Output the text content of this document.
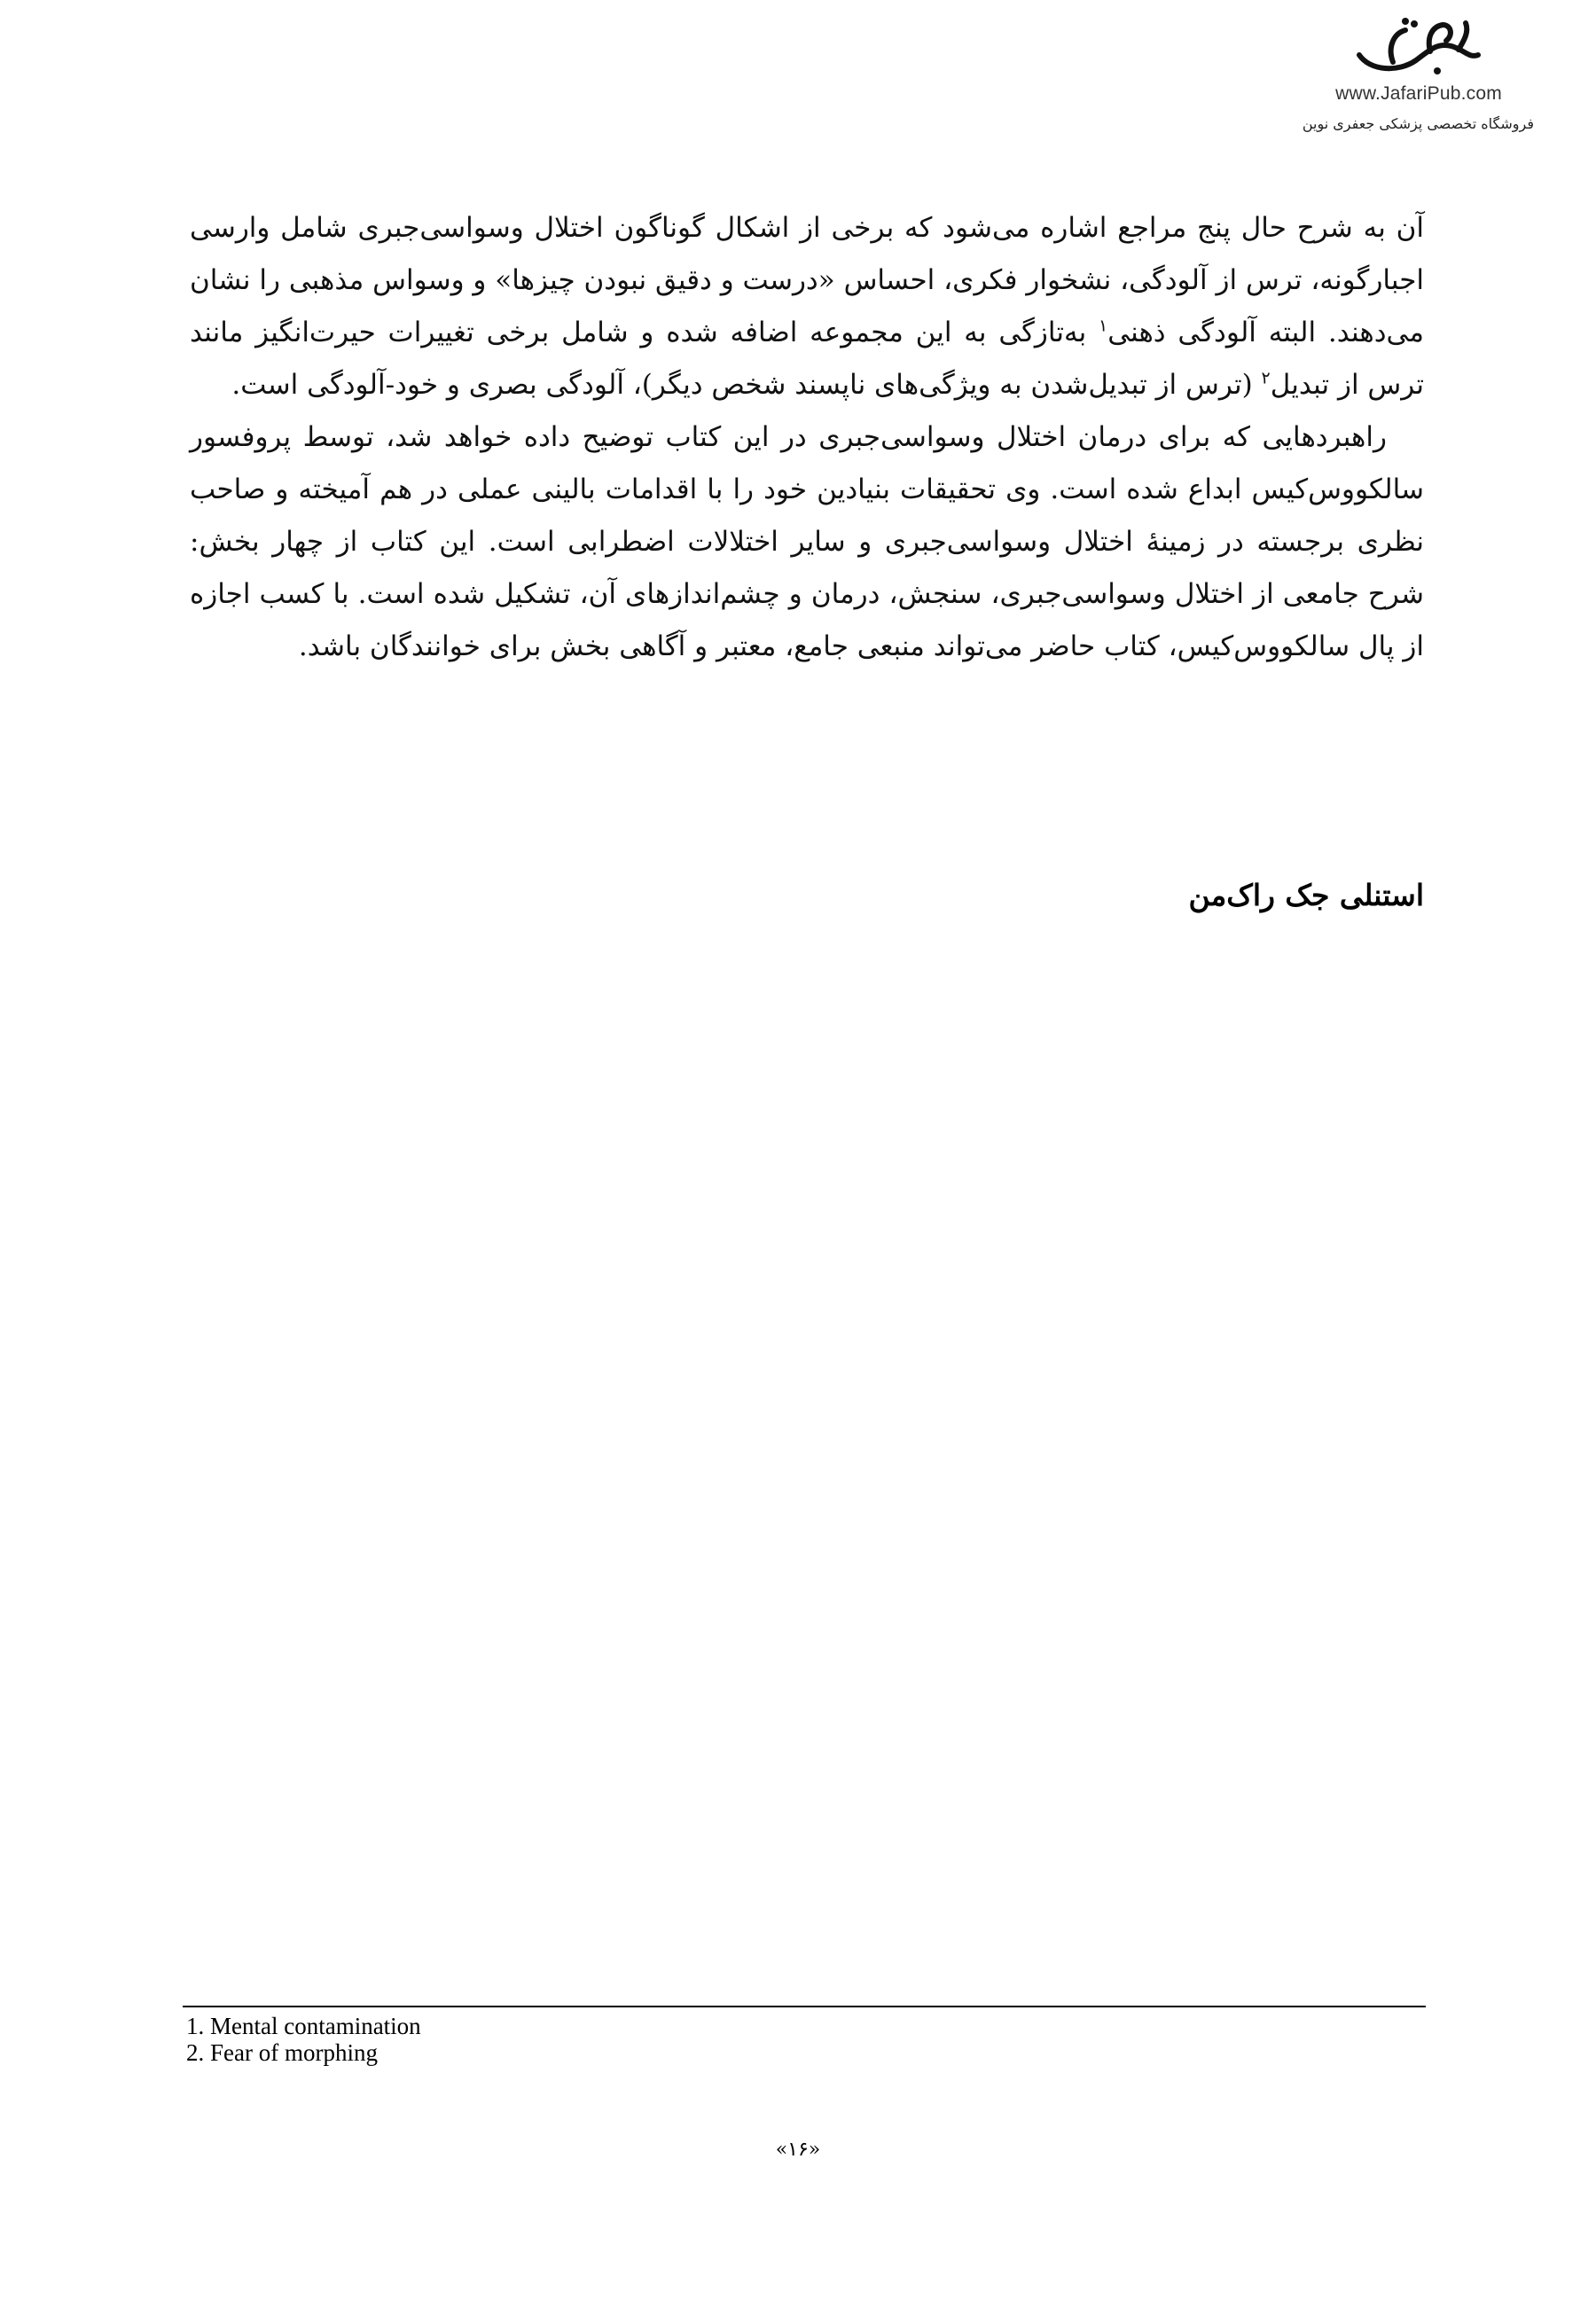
www.JafariPub.com
فروشگاه تخصصی پزشکی جعفری نوین

آن به شرح حال پنج مراجع اشاره می‌شود که برخی از اشکال گوناگون اختلال وسواسی‌جبری شامل وارسی اجبارگونه، ترس از آلودگی، نشخوار فکری، احساس «درست و دقیق نبودن چیزها» و وسواس مذهبی را نشان می‌دهند. البته آلودگی ذهنی$^۱$ به‌تازگی به این مجموعه اضافه شده و شامل برخی تغییرات حیرت‌انگیز مانند ترس از تبدیل$^۲$ (ترس از تبدیل‌شدن به ویژگی‌های ناپسند شخص دیگر)، آلودگی بصری و خود-آلودگی است.

راهبردهایی که برای درمان اختلال وسواسی‌جبری در این کتاب توضیح داده خواهد شد، توسط پروفسور سالکووس‌کیس ابداع شده است. وی تحقیقات بنیادین خود را با اقدامات بالینی عملی در هم آمیخته و صاحب نظری برجسته در زمینهٔ اختلال وسواسی‌جبری و سایر اختلالات اضطرابی است. این کتاب از چهار بخش: شرح جامعی از اختلال وسواسی‌جبری، سنجش، درمان و چشم‌اندازهای آن، تشکیل شده است. با کسب اجازه از پال سالکووس‌کیس، کتاب حاضر می‌تواند منبعی جامع، معتبر و آگاهی بخش برای خوانندگان باشد.

استنلی جک راک‌من
1. Mental contamination
2. Fear of morphing
«۱۶»
